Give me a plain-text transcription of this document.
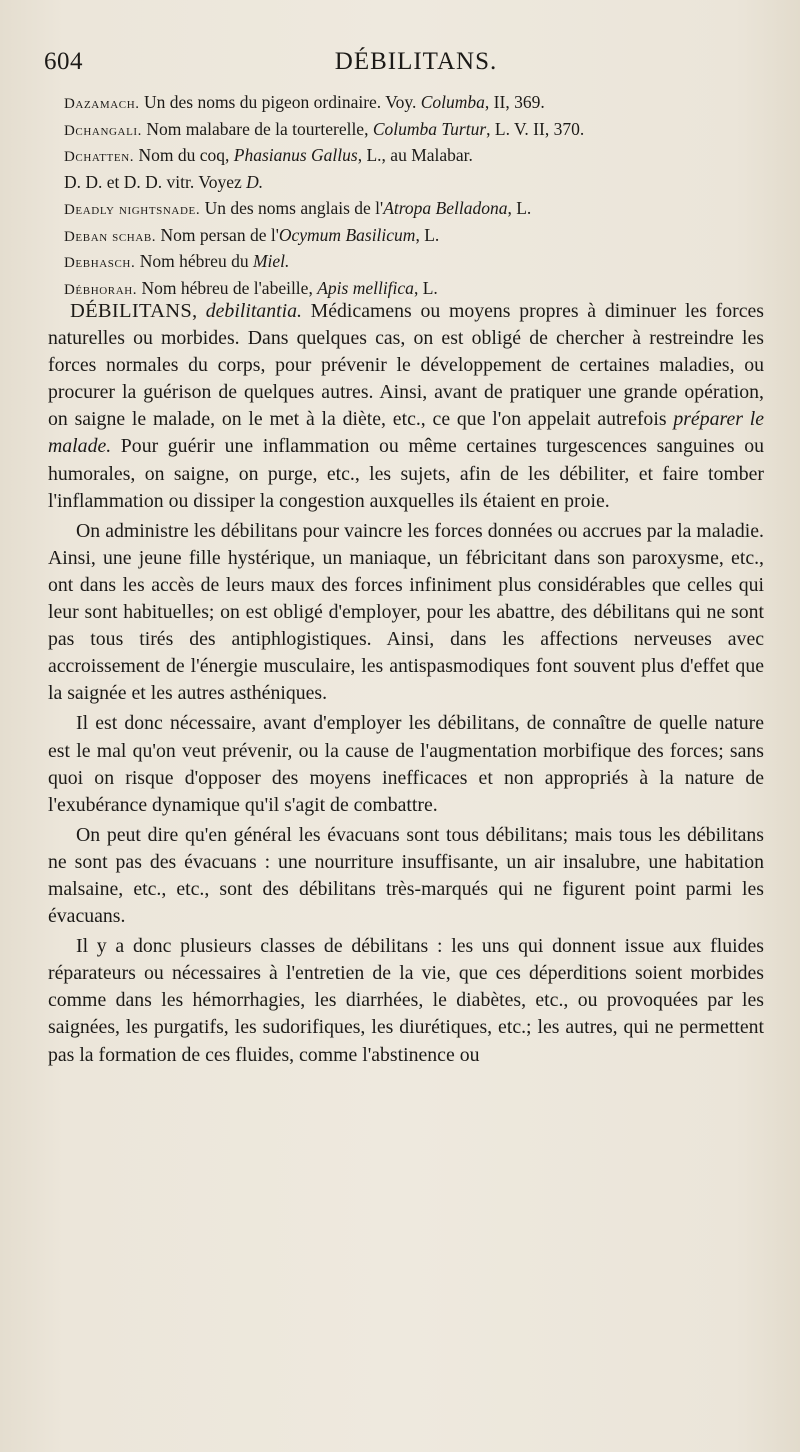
604	DÉBILITANS.
Dazamach. Un des noms du pigeon ordinaire. Voy. Columba, II, 369.
Dchangali. Nom malabare de la tourterelle, Columba Turtur, L. V. II, 370.
Dchatten. Nom du coq, Phasianus Gallus, L., au Malabar.
D. D. et D. D. vitr. Voyez D.
Deadly nightsnade. Un des noms anglais de l'Atropa Belladona, L.
Deban schab. Nom persan de l'Ocymum Basilicum, L.
Debhasch. Nom hébreu du Miel.
Débhorah. Nom hébreu de l'abeille, Apis mellifica, L.

DÉBILITANS, debilitantia. Médicamens ou moyens propres à diminuer les forces naturelles ou morbides. Dans quelques cas, on est obligé de chercher à restreindre les forces normales du corps, pour prévenir le développement de certaines maladies, ou procurer la guérison de quelques autres. Ainsi, avant de pratiquer une grande opération, on saigne le malade, on le met à la diète, etc., ce que l'on appelait autrefois préparer le malade. Pour guérir une inflammation ou même certaines turgescences sanguines ou humorales, on saigne, on purge, etc., les sujets, afin de les débiliter, et faire tomber l'inflammation ou dissiper la congestion auxquelles ils étaient en proie.

On administre les débilitans pour vaincre les forces données ou accrues par la maladie. Ainsi, une jeune fille hystérique, un maniaque, un fébricitant dans son paroxysme, etc., ont dans les accès de leurs maux des forces infiniment plus considérables que celles qui leur sont habituelles; on est obligé d'employer, pour les abattre, des débilitans qui ne sont pas tous tirés des antiphlogistiques. Ainsi, dans les affections nerveuses avec accroissement de l'énergie musculaire, les antispasmodiques font souvent plus d'effet que la saignée et les autres asthéniques.

Il est donc nécessaire, avant d'employer les débilitans, de connaître de quelle nature est le mal qu'on veut prévenir, ou la cause de l'augmentation morbifique des forces; sans quoi on risque d'opposer des moyens inefficaces et non appropriés à la nature de l'exubérance dynamique qu'il s'agit de combattre.

On peut dire qu'en général les évacuans sont tous débilitans; mais tous les débilitans ne sont pas des évacuans : une nourriture insuffisante, un air insalubre, une habitation malsaine, etc., etc., sont des débilitans très-marqués qui ne figurent point parmi les évacuans.

Il y a donc plusieurs classes de débilitans : les uns qui donnent issue aux fluides réparateurs ou nécessaires à l'entretien de la vie, que ces déperditions soient morbides comme dans les hémorrhagies, les diarrhées, le diabètes, etc., ou provoquées par les saignées, les purgatifs, les sudorifiques, les diurétiques, etc.; les autres, qui ne permettent pas la formation de ces fluides, comme l'abstinence ou
